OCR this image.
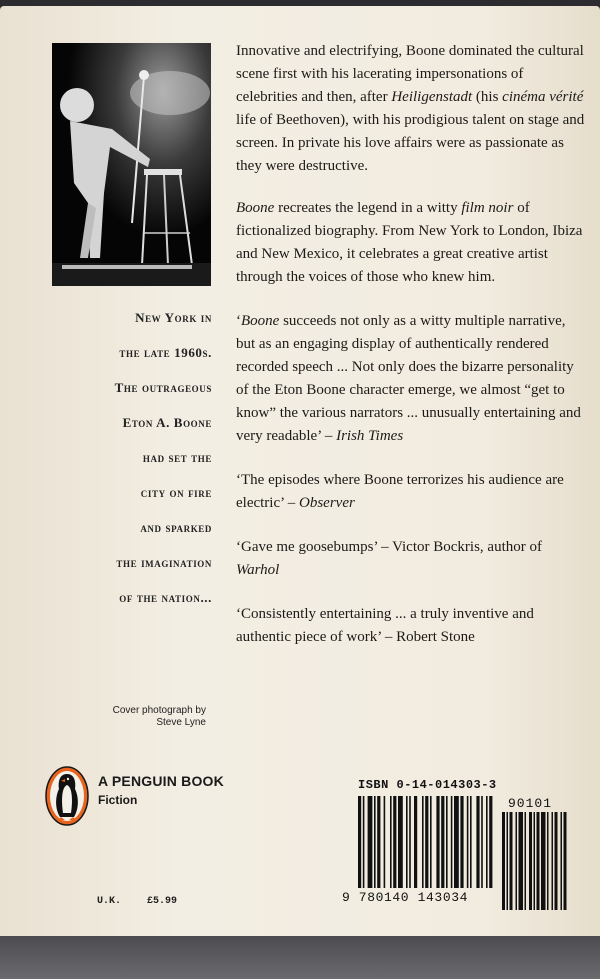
New York in
the late 1960s.
The outrageous
Eton A. Boone
had set the
city on fire
and sparked
the imagination
of the nation...
Cover photograph by
Steve Lyne

Innovative and electrifying, Boone dominated the cultural scene first with his lacerating impersonations of celebrities and then, after Heiligenstadt (his cinéma vérité life of Beethoven), with his prodigious talent on stage and screen. In private his love affairs were as passionate as they were destructive.

Boone recreates the legend in a witty film noir of fictionalized biography. From New York to London, Ibiza and New Mexico, it celebrates a great creative artist through the voices of those who knew him.

‘Boone succeeds not only as a witty multiple narrative, but as an engaging display of authentically rendered recorded speech ... Not only does the bizarre personality of the Eton Boone character emerge, we almost “get to know” the various narrators ... unusually entertaining and very readable’ – Irish Times

‘The episodes where Boone terrorizes his audience are electric’ – Observer

‘Gave me goosebumps’ – Victor Bockris, author of Warhol

‘Consistently entertaining ... a truly inventive and authentic piece of work’ – Robert Stone

A PENGUIN BOOK
Fiction
U.K.	£5.99
ISBN 0-14-014303-3
9 780140 143034
90101
